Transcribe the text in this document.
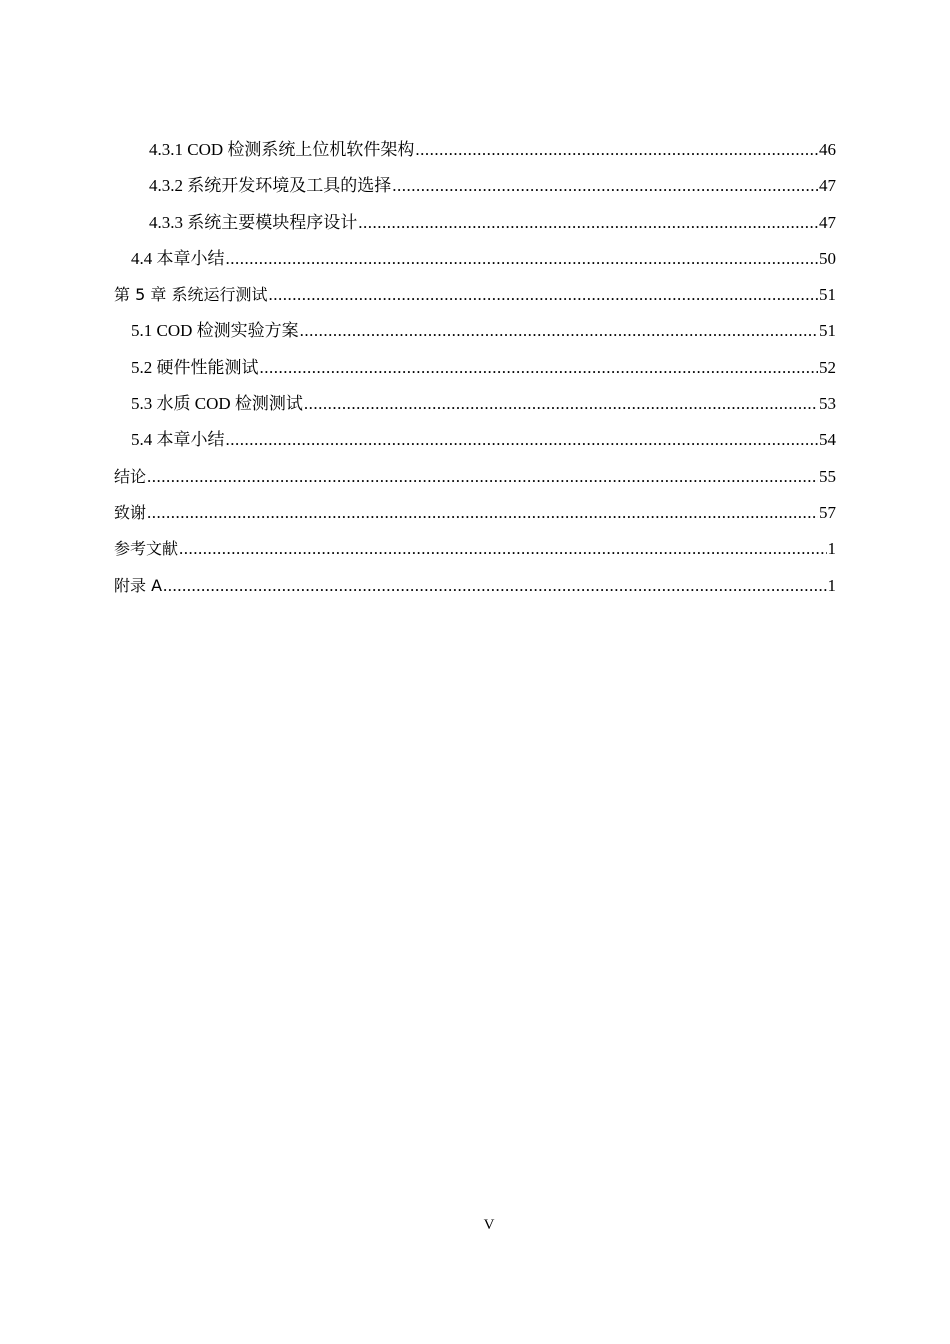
4.3.1 COD 检测系统上位机软件架构 .....	46
4.3.2 系统开发环境及工具的选择 .....	47
4.3.3 系统主要模块程序设计 .....	47
4.4 本章小结 .....	50
第 5 章 系统运行测试 .....	51
5.1 COD 检测实验方案 .....	51
5.2 硬件性能测试 .....	52
5.3 水质 COD 检测测试 .....	53
5.4 本章小结 .....	54
结论 .....	55
致谢 .....	57
参考文献 .....	1
附录 A .....	1
V
